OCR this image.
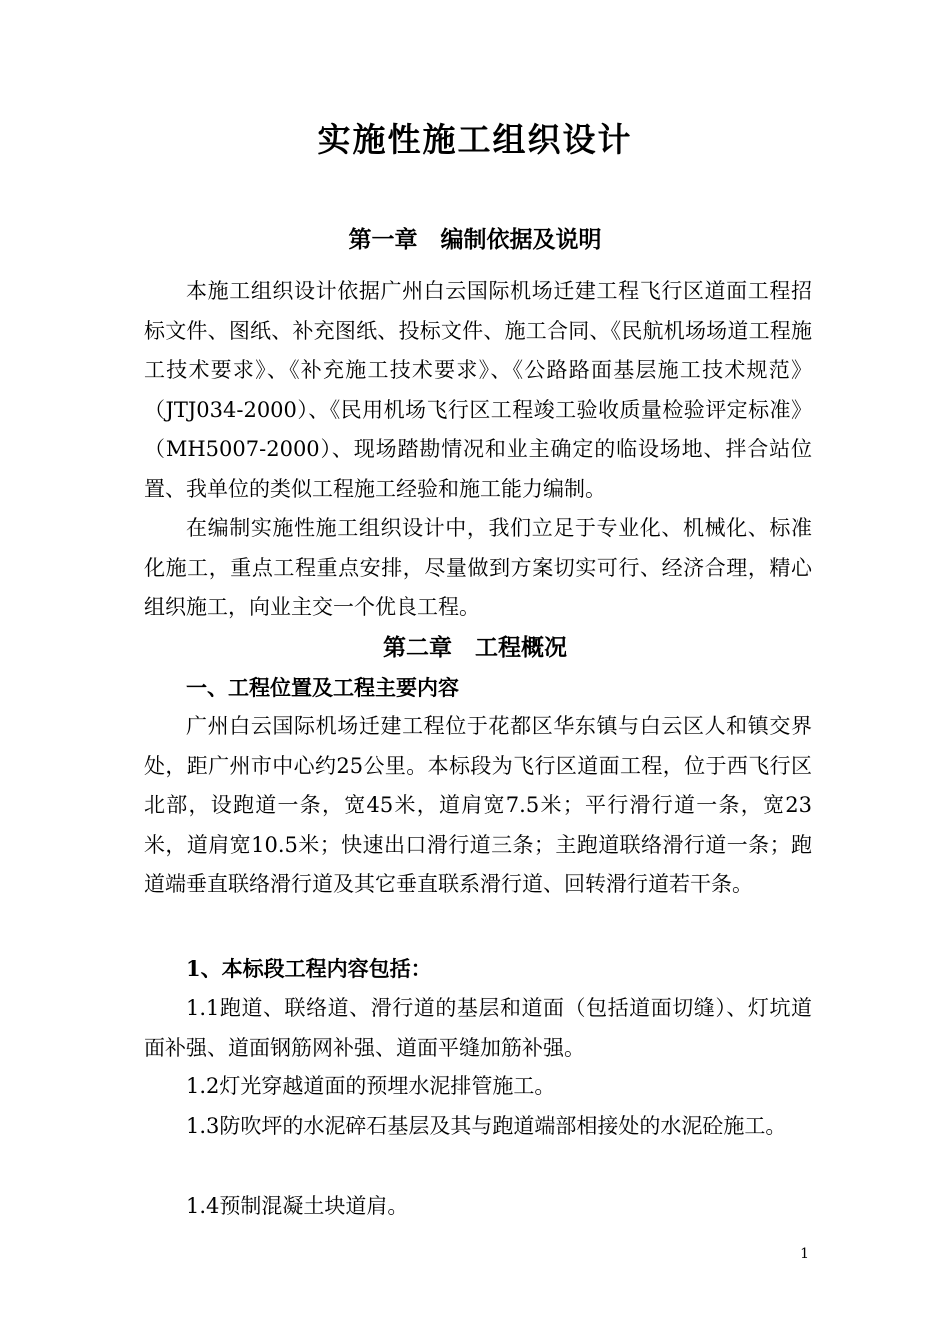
实施性施工组织设计
第一章　编制依据及说明

本施工组织设计依据广州白云国际机场迁建工程飞行区道面工程招标文件、图纸、补充图纸、投标文件、施工合同、《民航机场场道工程施工技术要求》、《补充施工技术要求》、《公路路面基层施工技术规范》（JTJ034-2000）、《民用机场飞行区工程竣工验收质量检验评定标准》（MH5007-2000）、现场踏勘情况和业主确定的临设场地、拌合站位置、我单位的类似工程施工经验和施工能力编制。

在编制实施性施工组织设计中，我们立足于专业化、机械化、标准化施工，重点工程重点安排，尽量做到方案切实可行、经济合理，精心组织施工，向业主交一个优良工程。

第二章　工程概况
一、工程位置及工程主要内容

广州白云国际机场迁建工程位于花都区华东镇与白云区人和镇交界处，距广州市中心约25公里。本标段为飞行区道面工程，位于西飞行区北部，设跑道一条，宽45米，道肩宽7.5米；平行滑行道一条，宽23米，道肩宽10.5米；快速出口滑行道三条；主跑道联络滑行道一条；跑道端垂直联络滑行道及其它垂直联系滑行道、回转滑行道若干条。

1、本标段工程内容包括：

1.1跑道、联络道、滑行道的基层和道面（包括道面切缝）、灯坑道面补强、道面钢筋网补强、道面平缝加筋补强。

1.2灯光穿越道面的预埋水泥排管施工。

1.3防吹坪的水泥碎石基层及其与跑道端部相接处的水泥砼施工。

1.4预制混凝土块道肩。

1
